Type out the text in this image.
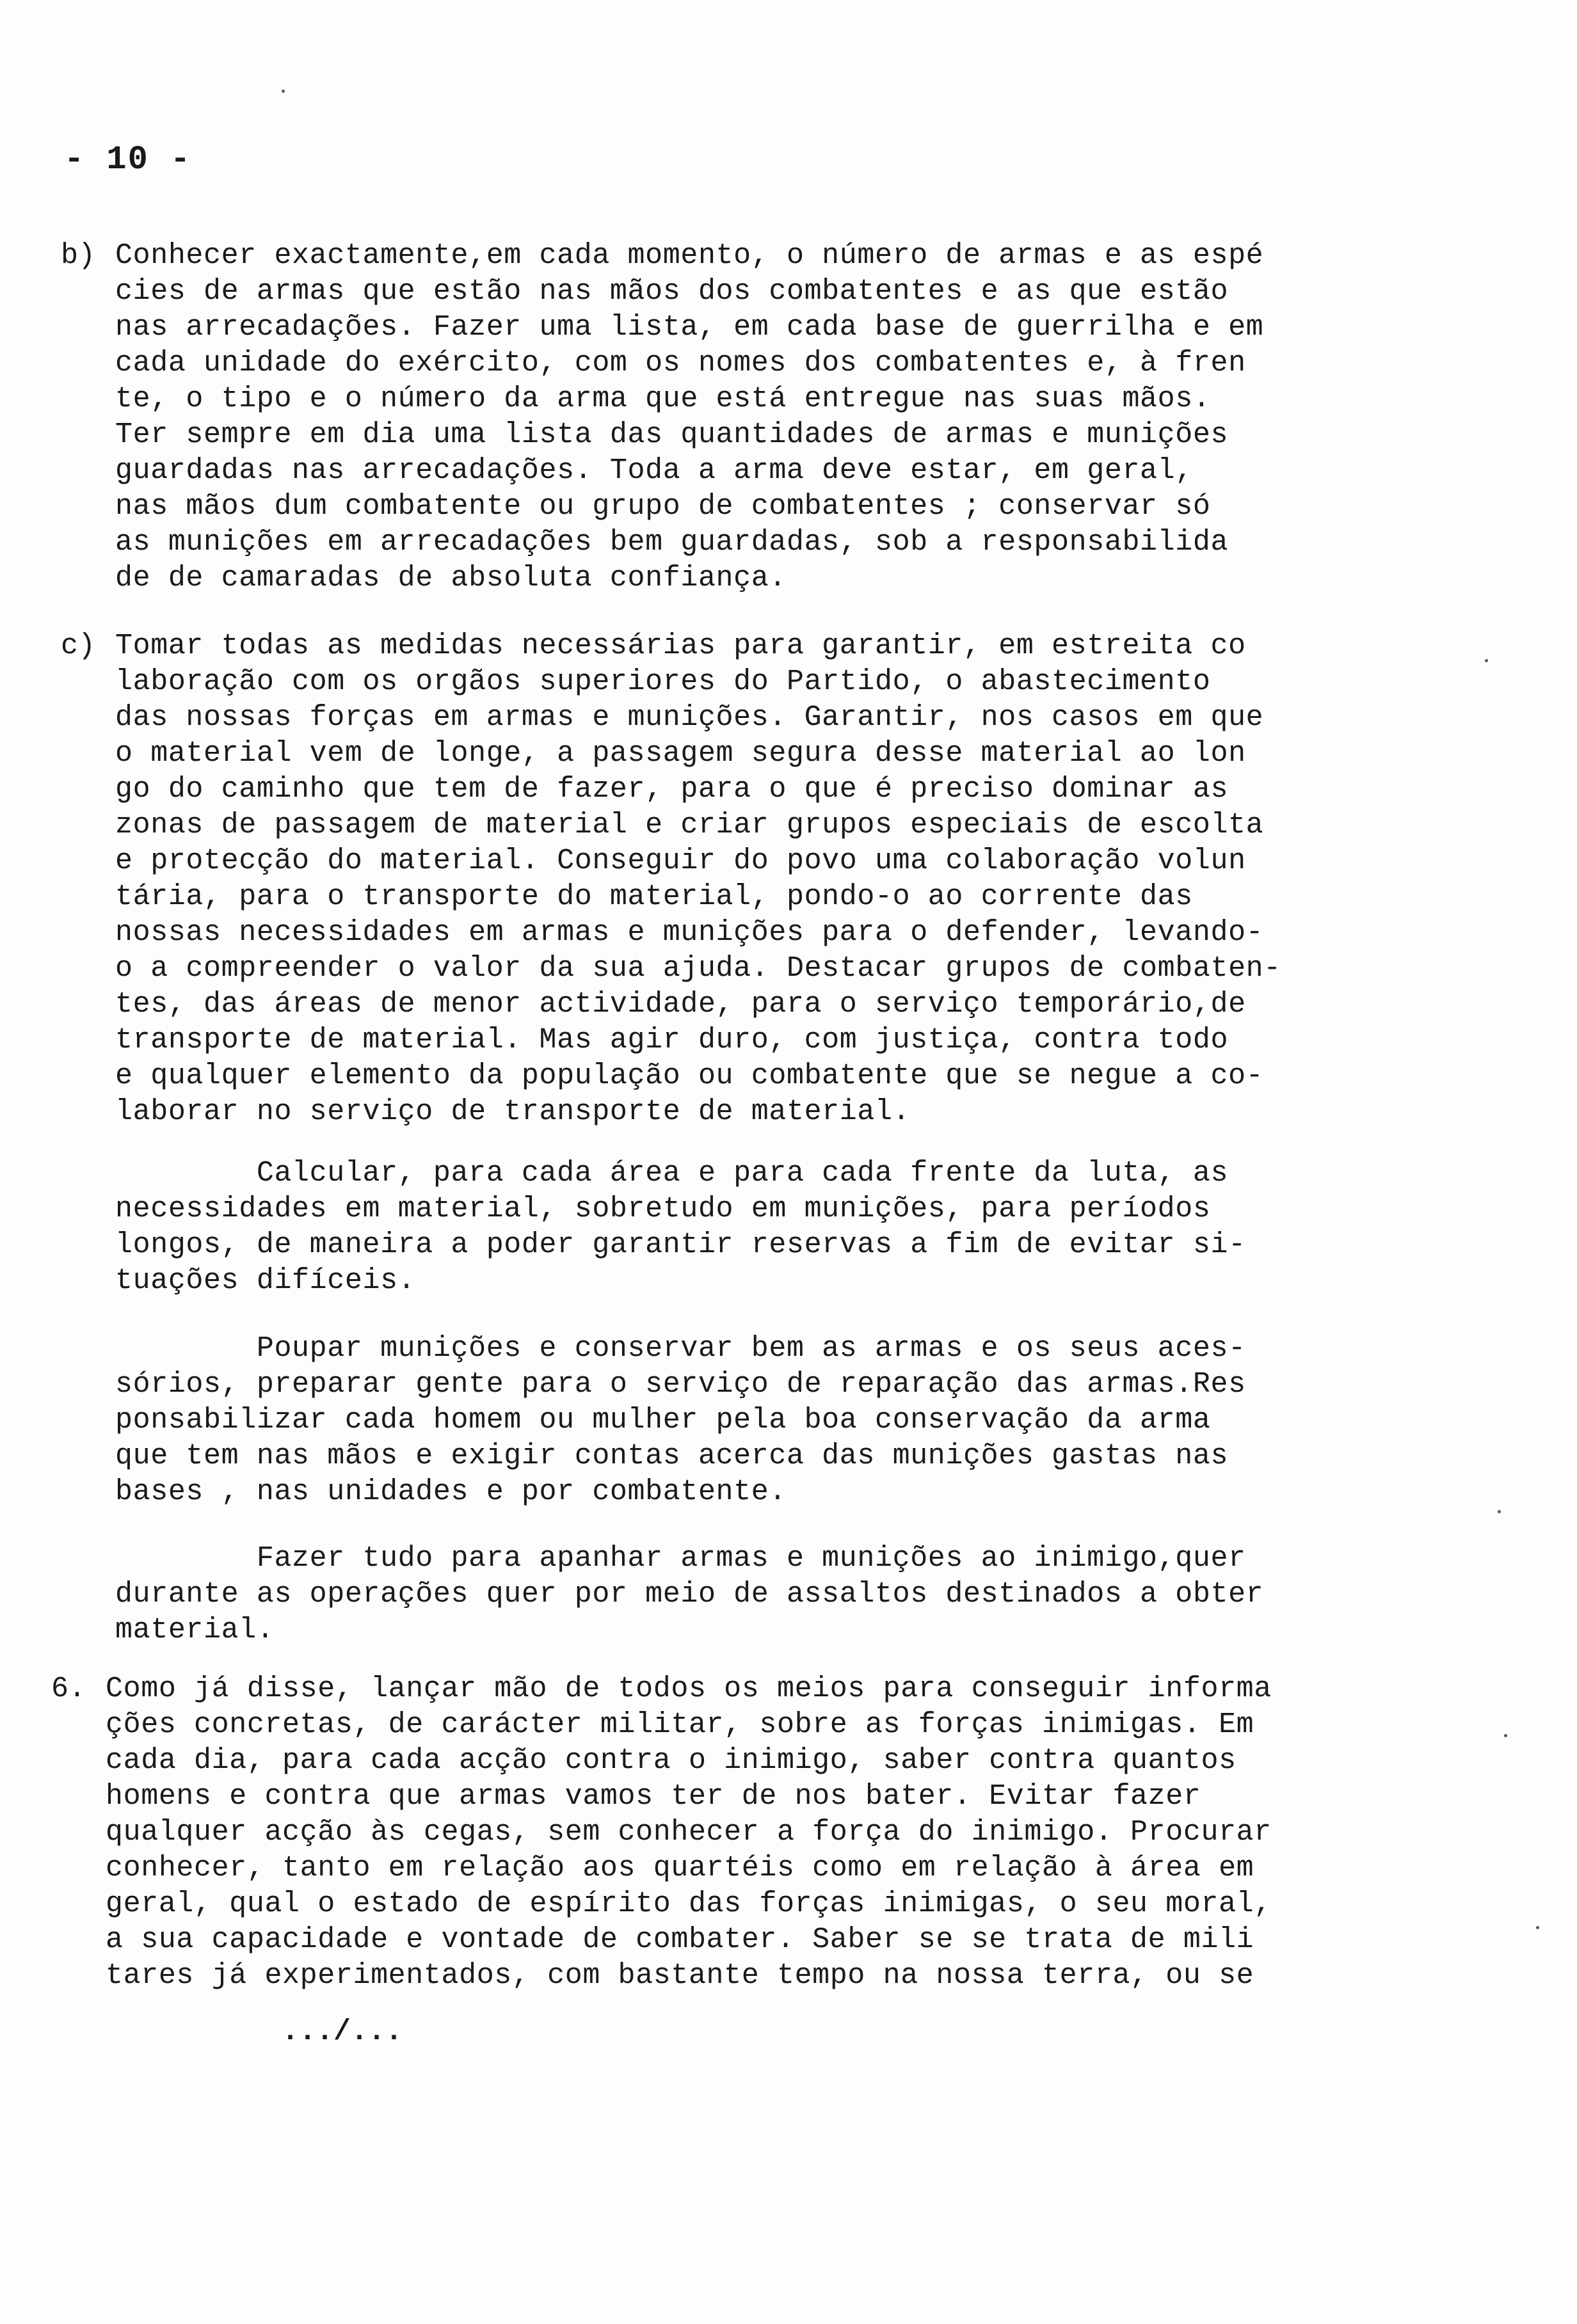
- 10 -
b) Conhecer exactamente,em cada momento, o número de armas e as espé
cies de armas que estão nas mãos dos combatentes e as que estão
nas arrecadações. Fazer uma lista, em cada base de guerrilha e em
cada unidade do exército, com os nomes dos combatentes e, à fren
te, o tipo e o número da arma que está entregue nas suas mãos.
Ter sempre em dia uma lista das quantidades de armas e munições
guardadas nas arrecadações. Toda a arma deve estar, em geral,
nas mãos dum combatente ou grupo de combatentes ; conservar só
as munições em arrecadações bem guardadas, sob a responsabilida
de de camaradas de absoluta confiança.
c) Tomar todas as medidas necessárias para garantir, em estreita co
laboração com os orgãos superiores do Partido, o abastecimento
das nossas forças em armas e munições. Garantir, nos casos em que
o material vem de longe, a passagem segura desse material ao lon
go do caminho que tem de fazer, para o que é preciso dominar as
zonas de passagem de material e criar grupos especiais de escolta
e protecção do material. Conseguir do povo uma colaboração volun
tária, para o transporte do material, pondo-o ao corrente das
nossas necessidades em armas e munições para o defender, levando-
o a compreender o valor da sua ajuda. Destacar grupos de combaten-
tes, das áreas de menor actividade, para o serviço temporário,de
transporte de material. Mas agir duro, com justiça, contra todo
e qualquer elemento da população ou combatente que se negue a co-
laborar no serviço de transporte de material.
Calcular, para cada área e para cada frente da luta, as
necessidades em material, sobretudo em munições, para períodos
longos, de maneira a poder garantir reservas a fim de evitar si-
tuações difíceis.
Poupar munições e conservar bem as armas e os seus aces-
sórios, preparar gente para o serviço de reparação das armas.Res
ponsabilizar cada homem ou mulher pela boa conservação da arma
que tem nas mãos e exigir contas acerca das munições gastas nas
bases , nas unidades e por combatente.
Fazer tudo para apanhar armas e munições ao inimigo,quer
durante as operações quer por meio de assaltos destinados a obter
material.
6. Como já disse, lançar mão de todos os meios para conseguir informa
ções concretas, de carácter militar, sobre as forças inimigas. Em
cada dia, para cada acção contra o inimigo, saber contra quantos
homens e contra que armas vamos ter de nos bater. Evitar fazer
qualquer acção às cegas, sem conhecer a força do inimigo. Procurar
conhecer, tanto em relação aos quartéis como em relação à área em
geral, qual o estado de espírito das forças inimigas, o seu moral,
a sua capacidade e vontade de combater. Saber se se trata de mili
tares já experimentados, com bastante tempo na nossa terra, ou se
.../...
